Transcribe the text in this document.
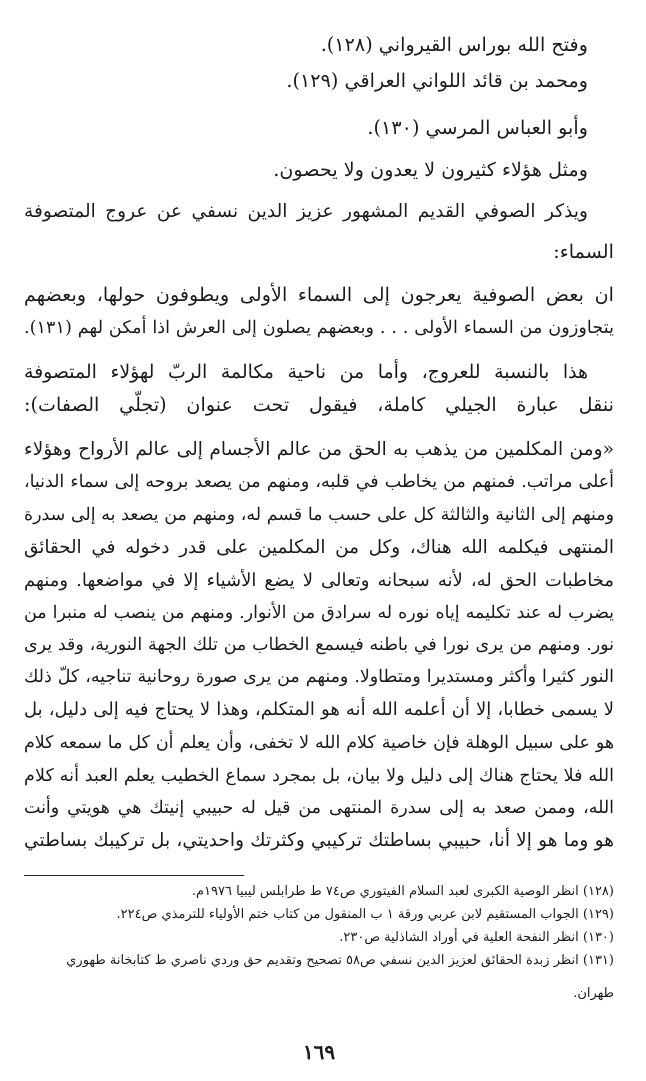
وفتح الله بوراس القيرواني (١٢٨).
ومحمد بن قائد اللواني العراقي (١٢٩).
وأبو العباس المرسي (١٣٠).
ومثل هؤلاء كثيرون لا يعدون ولا يحصون.
ويذكر الصوفي القديم المشهور عزيز الدين نسفي عن عروج المتصوفة
السماء:
ان بعض الصوفية يعرجون إلى السماء الأولى ويطوفون حولها، وبعضهم
يتجاوزون من السماء الأولى . . . وبعضهم يصلون إلى العرش اذا أمكن لهم (١٣١).
هذا بالنسبة للعروج، وأما من ناحية مكالمة الربّ لهؤلاء المتصوفة
ننقل عبارة الجيلي كاملة، فيقول تحت عنوان (تجلّي الصفات):
«ومن المكلمين من يذهب به الحق من عالم الأجسام إلى عالم الأرواح وهؤلاء
أعلى مراتب. فمنهم من يخاطب في قلبه، ومنهم من يصعد بروحه إلى سماء الدنيا،
ومنهم إلى الثانية والثالثة كل على حسب ما قسم له، ومنهم من يصعد به إلى سدرة
المنتهى فيكلمه الله هناك، وكل من المكلمين على قدر دخوله في الحقائق
مخاطبات الحق له، لأنه سبحانه وتعالى لا يضع الأشياء إلا في مواضعها. ومنهم
يضرب له عند تكليمه إياه نوره له سرادق من الأنوار. ومنهم من ينصب له منبرا من
نور. ومنهم من يرى نورا في باطنه فيسمع الخطاب من تلك الجهة النورية، وقد يرى
النور كثيرا وأكثر ومستديرا ومتطاولا. ومنهم من يرى صورة روحانية تناجيه، كلّ ذلك
لا يسمى خطابا، إلا أن أعلمه الله أنه هو المتكلم، وهذا لا يحتاج فيه إلى دليل، بل
هو على سبيل الوهلة فإن خاصية كلام الله لا تخفى، وأن يعلم أن كل ما سمعه كلام
الله فلا يحتاج هناك إلى دليل ولا بيان، بل بمجرد سماع الخطيب يعلم العبد أنه كلام
الله، وممن صعد به إلى سدرة المنتهى من قيل له حبيبي إنيتك هي هويتي وأنت
هو وما هو إلا أنا، حبيبي بساطتك تركيبي وكثرتك واحديتي، بل تركيبك بساطتي
(١٢٨) انظر الوصية الكبرى لعبد السلام الفيتوري ص٧٤ ط طرابلس ليبيا ١٩٧٦م.
(١٢٩) الجواب المستقيم لابن عربي ورقة ١ ب المنقول من كتاب ختم الأولياء للترمذي ص٢٢٤.
(١٣٠) انظر النفحة العلية في أوراد الشاذلية ص٢٣٠.
(١٣١) انظر زبدة الحقائق لعزيز الدين نسفي ص٥٨ تصحيح وتقديم حق وردي ناصري ط كتابخانة طهوري
طهران.
١٦٩
